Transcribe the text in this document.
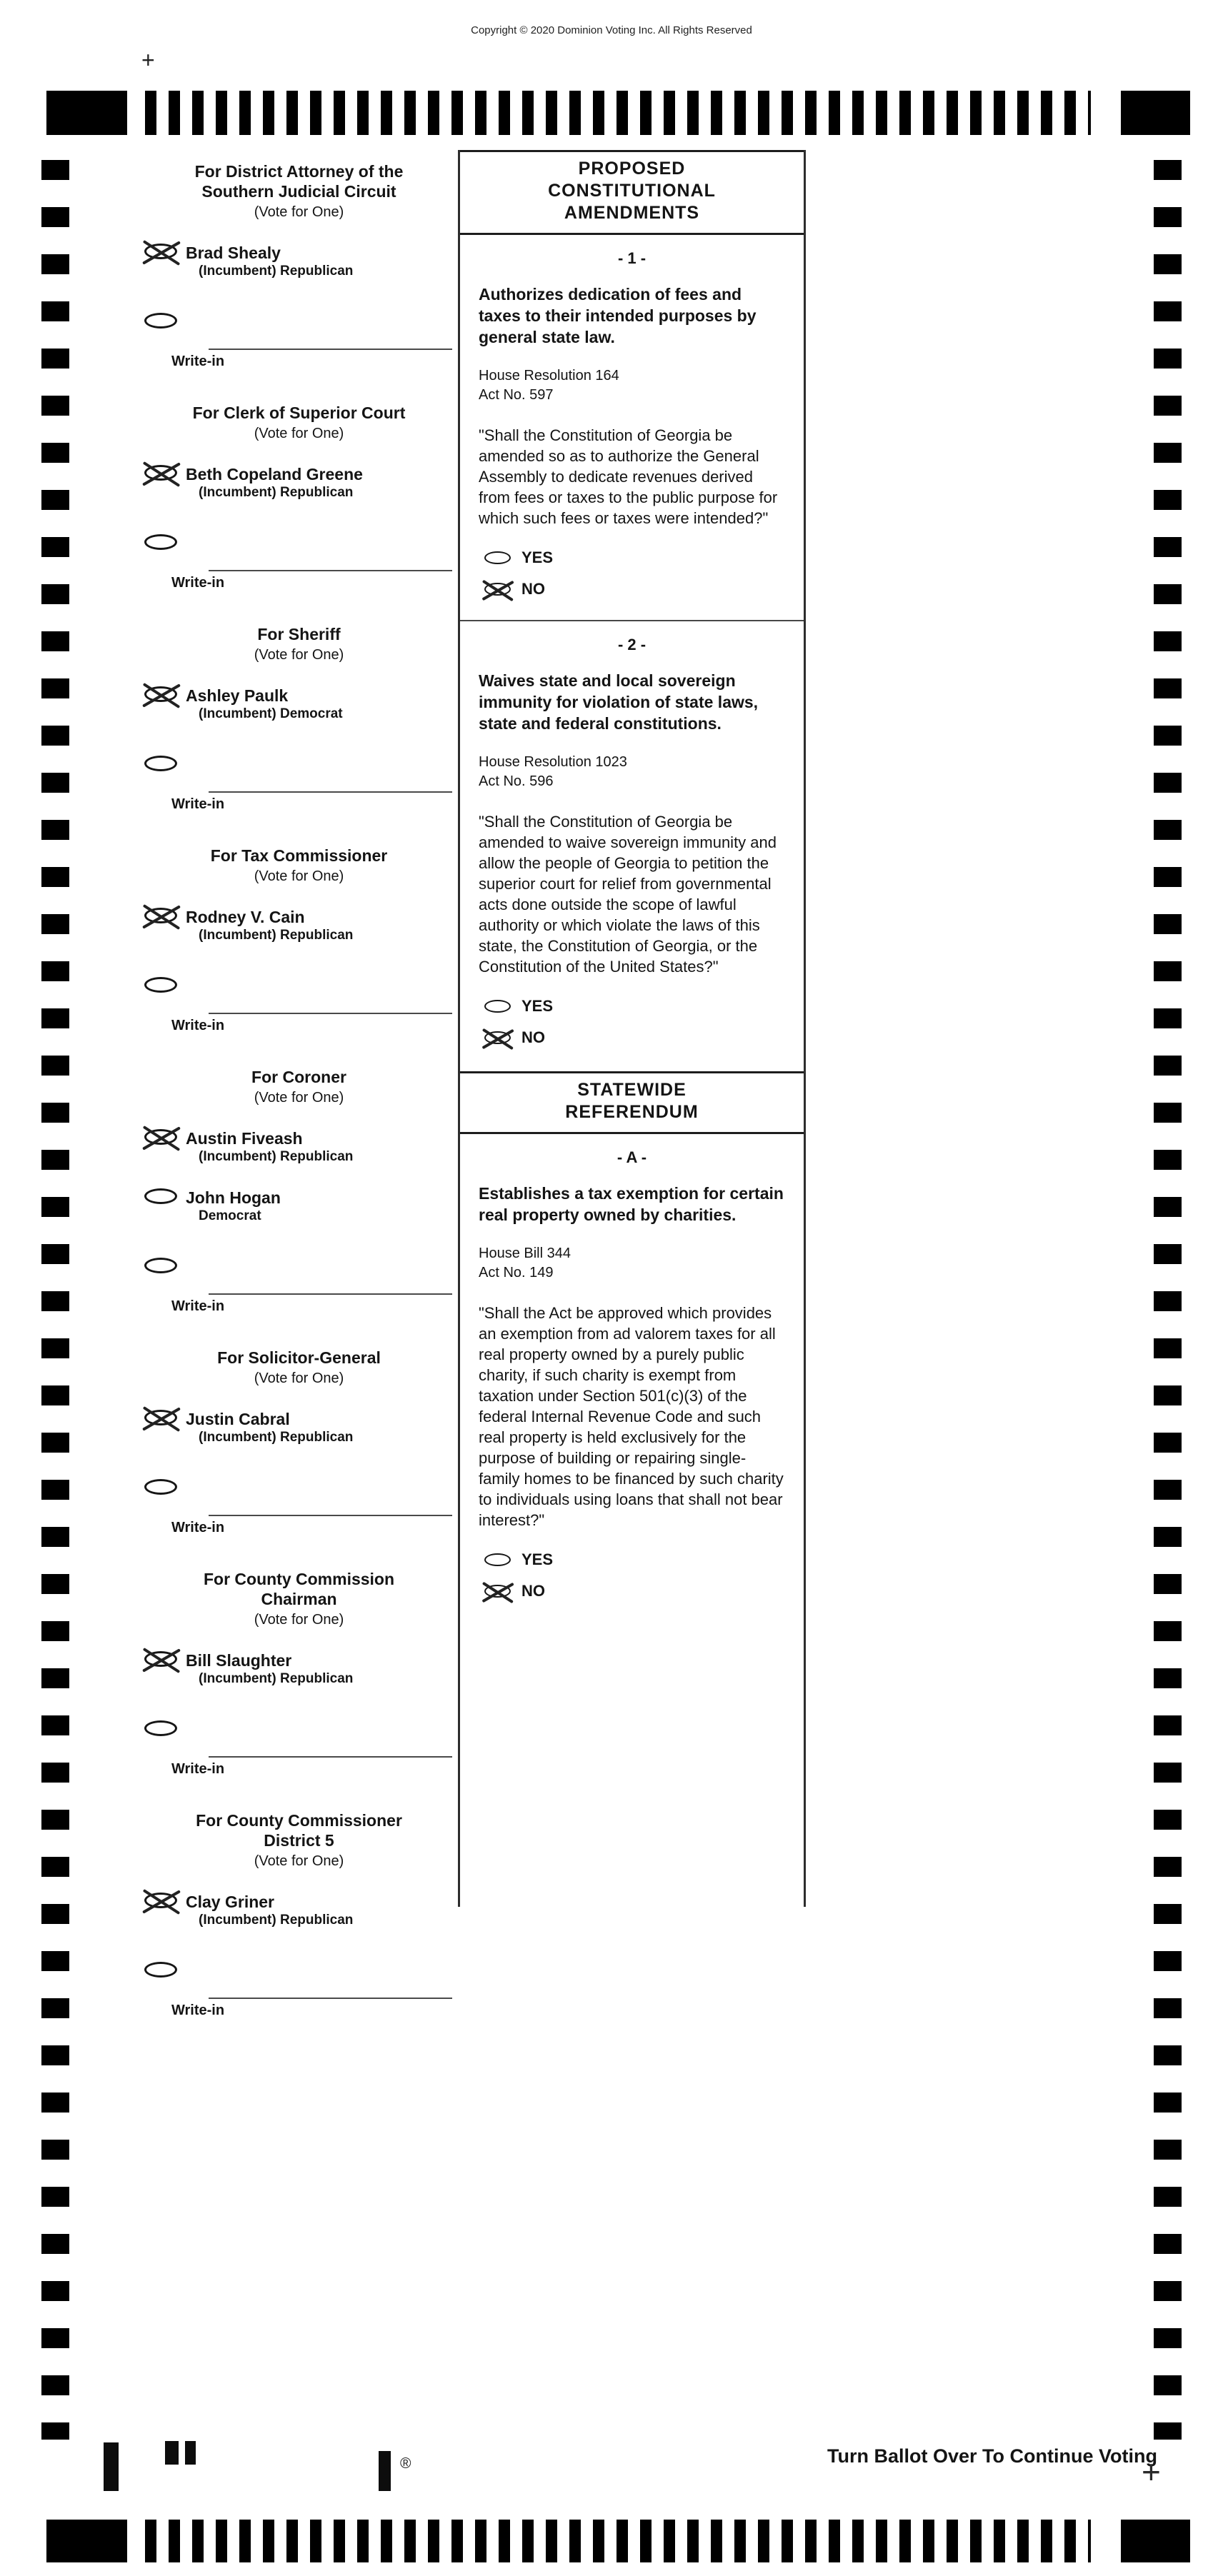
Copyright © 2020 Dominion Voting Inc. All Rights Reserved
+
For District Attorney of the Southern Judicial Circuit
(Vote for One)
Brad Shealy
(Incumbent) Republican
Write-in
For Clerk of Superior Court
(Vote for One)
Beth Copeland Greene
(Incumbent) Republican
Write-in
For Sheriff
(Vote for One)
Ashley Paulk
(Incumbent) Democrat
Write-in
For Tax Commissioner
(Vote for One)
Rodney V. Cain
(Incumbent) Republican
Write-in
For Coroner
(Vote for One)
Austin Fiveash
(Incumbent) Republican
John Hogan
Democrat
Write-in
For Solicitor-General
(Vote for One)
Justin Cabral
(Incumbent) Republican
Write-in
For County Commission Chairman
(Vote for One)
Bill Slaughter
(Incumbent) Republican
Write-in
For County Commissioner District 5
(Vote for One)
Clay Griner
(Incumbent) Republican
Write-in
PROPOSED CONSTITUTIONAL AMENDMENTS
- 1 -
Authorizes dedication of fees and taxes to their intended purposes by general state law.
House Resolution 164
Act No. 597
"Shall the Constitution of Georgia be amended so as to authorize the General Assembly to dedicate revenues derived from fees or taxes to the public purpose for which such fees or taxes were intended?"
YES
NO
- 2 -
Waives state and local sovereign immunity for violation of state laws, state and federal constitutions.
House Resolution 1023
Act No. 596
"Shall the Constitution of Georgia be amended to waive sovereign immunity and allow the people of Georgia to petition the superior court for relief from governmental acts done outside the scope of lawful authority or which violate the laws of this state, the Constitution of Georgia, or the Constitution of the United States?"
YES
NO
STATEWIDE REFERENDUM
- A -
Establishes a tax exemption for certain real property owned by charities.
House Bill 344
Act No. 149
"Shall the Act be approved which provides an exemption from ad valorem taxes for all real property owned by a purely public charity, if such charity is exempt from taxation under Section 501(c)(3) of the federal Internal Revenue Code and such real property is held exclusively for the purpose of building or repairing single-family homes to be financed by such charity to individuals using loans that shall not bear interest?"
YES
NO
®	Turn Ballot Over To Continue Voting
+
